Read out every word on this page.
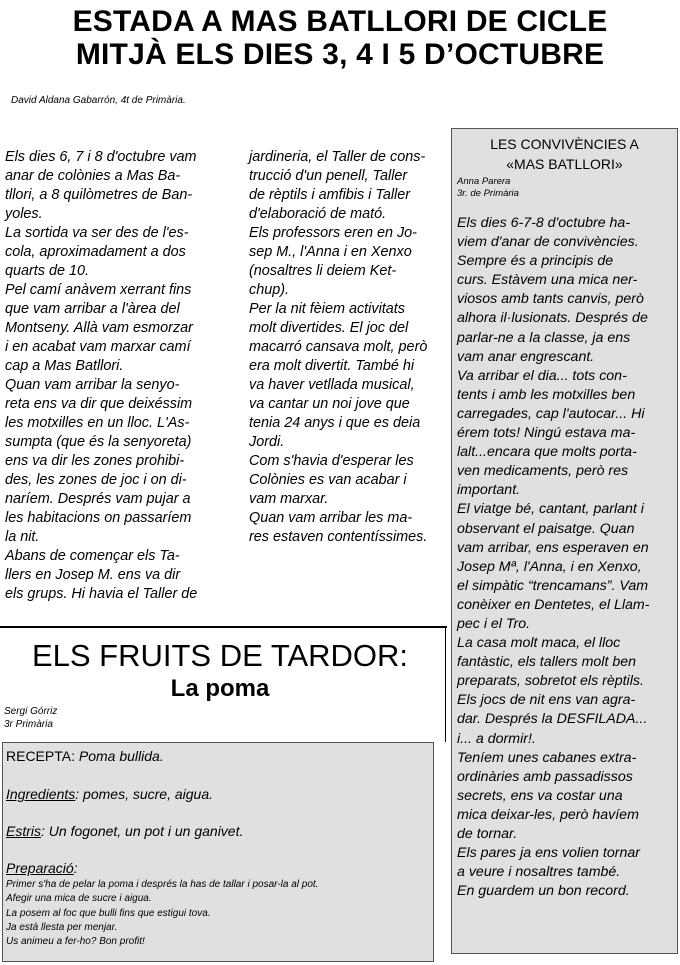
ESTADA A MAS BATLLORI DE CICLE
MITJÀ ELS DIES 3, 4 I 5 D’OCTUBRE
David Aldana Gabarrón, 4t de Primària.

Els dies 6, 7 i 8 d'octubre vam

anar de colònies a Mas Ba-

tllori, a 8 quilòmetres de Ban-

yoles.

La sortida va ser des de l'es-

cola, aproximadament a dos

quarts de 10.

Pel camí anàvem xerrant fins

que vam arribar a l'àrea del

Montseny. Allà vam esmorzar

i en acabat vam marxar camí

cap a Mas Batllori.

Quan vam arribar la senyo-

reta ens va dir que deixéssim

les motxilles en un lloc. L'As-

sumpta (que és la senyoreta)

ens va dir les zones prohibi-

des, les zones de joc i on di-

naríem. Després vam pujar a

les habitacions on passaríem

la nit.

Abans de començar els Ta-

llers en Josep M. ens va dir

els grups. Hi havia el Taller de

jardineria, el Taller de cons-

trucció d'un penell, Taller

de rèptils i amfibis i Taller

d'elaboració de mató.

Els professors eren en Jo-

sep M., l'Anna i en Xenxo

(nosaltres li deiem Ket-

chup).

Per la nit fèiem activitats

molt divertides. El joc del

macarró cansava molt, però

era molt divertit. També hi

va haver vetllada musical,

va cantar un noi jove que

tenia 24 anys i que es deia

Jordi.

Com s'havia d'esperar les

Colònies es van acabar i

vam marxar.

Quan vam arribar les ma-

res estaven contentíssimes.

LES CONVIVÈNCIES A
«MAS BATLLORI»
Anna Parera
3r. de Primària

Els dies 6-7-8 d'octubre ha-

viem d'anar de convivències.

Sempre és a principis de

curs. Estàvem una mica ner-

viosos amb tants canvis, però

alhora il·lusionats. Després de

parlar-ne a la classe, ja ens

vam anar engrescant.

Va arribar el dia... tots con-

tents i amb les motxilles ben

carregades, cap l'autocar... Hi

érem tots! Ningú estava ma-

lalt...encara que molts porta-

ven medicaments, però res

important.

El viatge bé, cantant, parlant i

observant el paisatge. Quan

vam arribar, ens esperaven en

Josep Mª, l'Anna, i en Xenxo,

el simpàtic “trencamans”. Vam

conèixer en Dentetes, el Llam-

pec i el Tro.

La casa molt maca, el lloc

fantàstic, els tallers molt ben

preparats, sobretot els rèptils.

Els jocs de nit ens van agra-

dar. Després la DESFILADA...

i... a dormir!.

Teníem unes cabanes extra-

ordinàries amb passadissos

secrets, ens va costar una

mica deixar-les, però havíem

de tornar.

Els pares ja ens volien tornar

a veure i nosaltres també.

En guardem un bon record.

ELS FRUITS DE TARDOR:
La poma
Sergi Górriz
3r Primària
RECEPTA: Poma bullida.
Ingredients: pomes, sucre, aigua.
Estris: Un fogonet, un pot i un ganivet.
Preparació:
Primer s'ha de pelar la poma i després la has de tallar i posar-la al pot.
Afegir una mica de sucre i aigua.
La posem al foc que bulli fins que estigui tova.
Ja està llesta per menjar.
Us animeu a fer-ho? Bon profit!
